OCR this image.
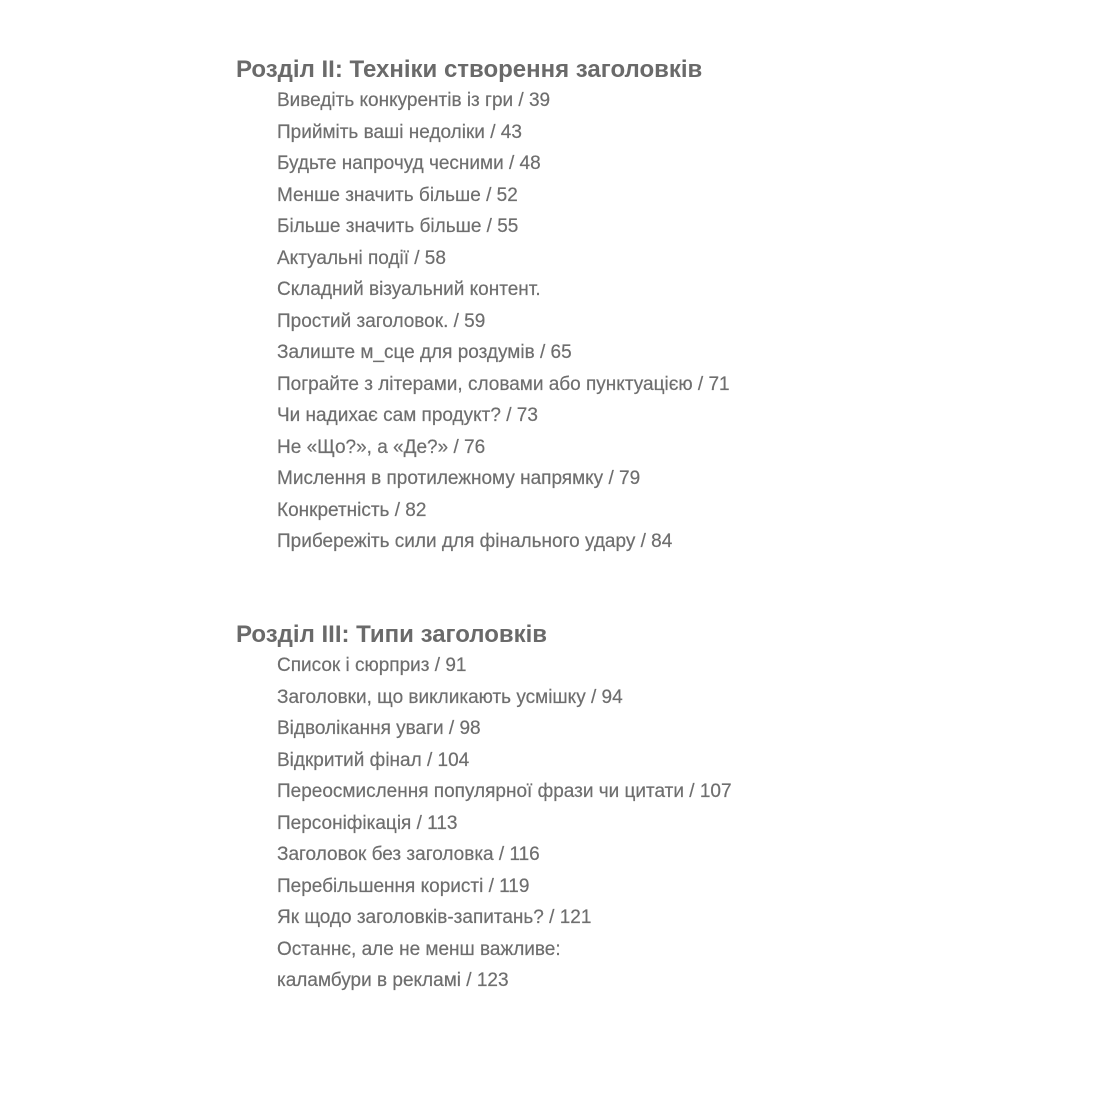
Розділ II: Техніки створення заголовків
Виведіть конкурентів із гри / 39
Прийміть ваші недоліки / 43
Будьте напрочуд чесними / 48
Менше значить більше / 52
Більше значить більше / 55
Актуальні події / 58
Складний візуальний контент.
Простий заголовок. / 59
Залиште м_сце для роздумів / 65
Пограйте з літерами, словами або пунктуацією / 71
Чи надихає сам продукт? / 73
Не «Що?», а «Де?» / 76
Мислення в протилежному напрямку / 79
Конкретність / 82
Прибережіть сили для фінального удару / 84
Розділ III: Типи заголовків
Список і сюрприз / 91
Заголовки, що викликають усмішку / 94
Відволікання уваги / 98
Відкритий фінал / 104
Переосмислення популярної фрази чи цитати / 107
Персоніфікація / 113
Заголовок без заголовка / 116
Перебільшення користі / 119
Як щодо заголовків-запитань? / 121
Останнє, але не менш важливе:
каламбури в рекламі / 123
